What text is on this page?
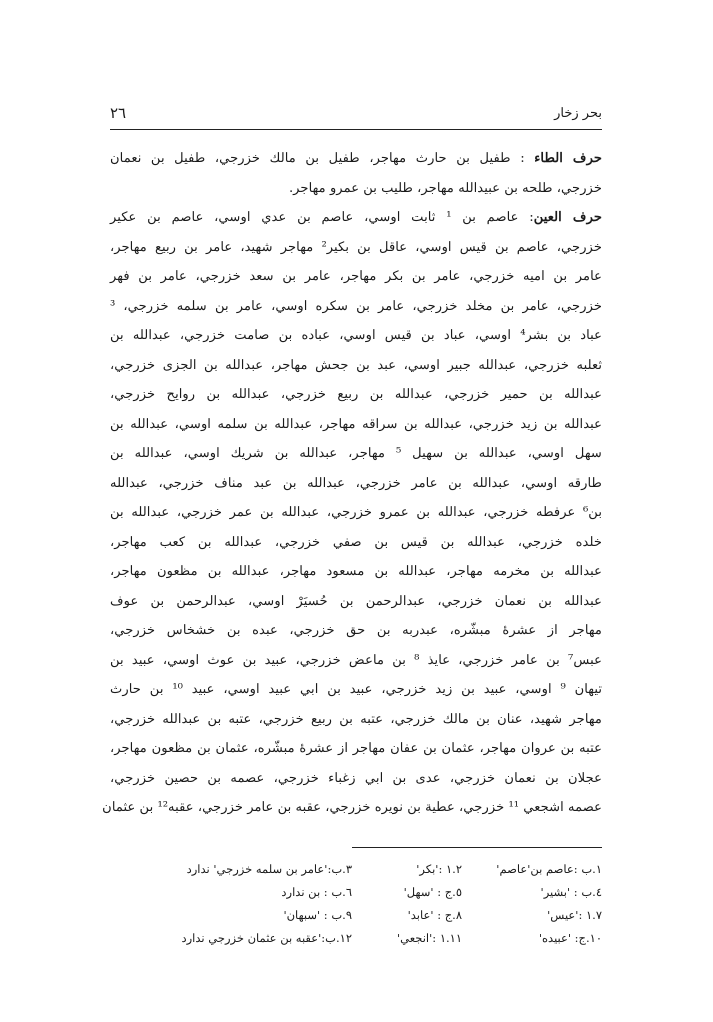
بحر زخار
٢٦
حرف الطاء : طفيل بن حارث مهاجر، طفيل بن مالك خزرجي، طفيل بن نعمان
خزرجي، طلحه بن عبيدالله مهاجر، طليب بن عمرو مهاجر.
حرف العين: عاصم بن ¹ ثابت اوسي، عاصم بن عدي اوسي، عاصم بن عكير
خزرجي، عاصم بن قيس اوسي، عاقل بن بكير² مهاجر شهيد، عامر بن ربيع مهاجر،
عامر بن اميه خزرجي، عامر بن بكر مهاجر، عامر بن سعد خزرجي، عامر بن فهر
خزرجي، عامر بن مخلد خزرجي، عامر بن سكره اوسي، عامر بن سلمه خزرجي، ³
عباد بن بشر⁴ اوسي، عباد بن قيس اوسي، عباده بن صامت خزرجي، عبدالله بن
ثعلبه خزرجي، عبدالله جبير اوسي، عبد بن جحش مهاجر، عبدالله بن الجزى خزرجي،
عبدالله بن حمير خزرجي، عبدالله بن ربيع خزرجي، عبدالله بن روايح خزرجي،
عبدالله بن زيد خزرجي، عبدالله بن سراقه مهاجر، عبدالله بن سلمه اوسي، عبدالله بن
سهل اوسي، عبدالله بن سهيل ⁵ مهاجر، عبدالله بن شريك اوسي، عبدالله بن
طارقه اوسي، عبدالله بن عامر خزرجي، عبدالله بن عبد مناف خزرجي، عبدالله
بن⁶ عرفطه خزرجي، عبدالله بن عمرو خزرجي، عبدالله بن عمر خزرجي، عبدالله بن
خلده خزرجي، عبدالله بن قيس بن صفي خزرجي، عبدالله بن كعب مهاجر،
عبدالله بن مخرمه مهاجر، عبدالله بن مسعود مهاجر، عبدالله بن مظعون مهاجر،
عبدالله بن نعمان خزرجي، عبدالرحمن بن حُسيَرْ اوسي، عبدالرحمن بن عوف
مهاجر از عشرهٔ مبشّره، عبدربه بن حق خزرجي، عبده بن خشخاس خزرجي،
عبس⁷ بن عامر خزرجي، عايذ ⁸ بن ماعض خزرجي، عبيد بن عوث اوسي، عبيد بن
تيهان ⁹ اوسي، عبيد بن زيد خزرجي، عبيد بن ابي عبيد اوسي، عبيد ¹⁰ بن حارث
مهاجر شهيد، عنان بن مالك خزرجي، عتبه بن ربيع خزرجي، عتبه بن عبدالله خزرجي،
عتبه بن عروان مهاجر، عثمان بن عفان مهاجر از عشرهٔ مبشّره، عثمان بن مظعون مهاجر،
عجلان بن نعمان خزرجي، عدى بن ابي زغباء خزرجي، عصمه بن حصين خزرجي،
عصمه اشجعي ¹¹ خزرجي، عطية بن نويره خزرجي، عقبه بن عامر خزرجي، عقبه¹² بن عثمان
١.ب :عاصم بن'عاصم'
١.٢ :'بكر'
٣.ب:'عامر بن سلمه خزرجي' ندارد
٤.ب : 'بشير'
٥.ج : 'سهل'
٦.ب : بن ندارد
١.٧ :'عيس'
٨.ج : 'عابد'
٩.ب : 'سبهان'
١٠.ج: 'عبيده'
١.١١ :'انجعي'
١٢.ب:'عقبه بن عثمان خزرجي ندارد
